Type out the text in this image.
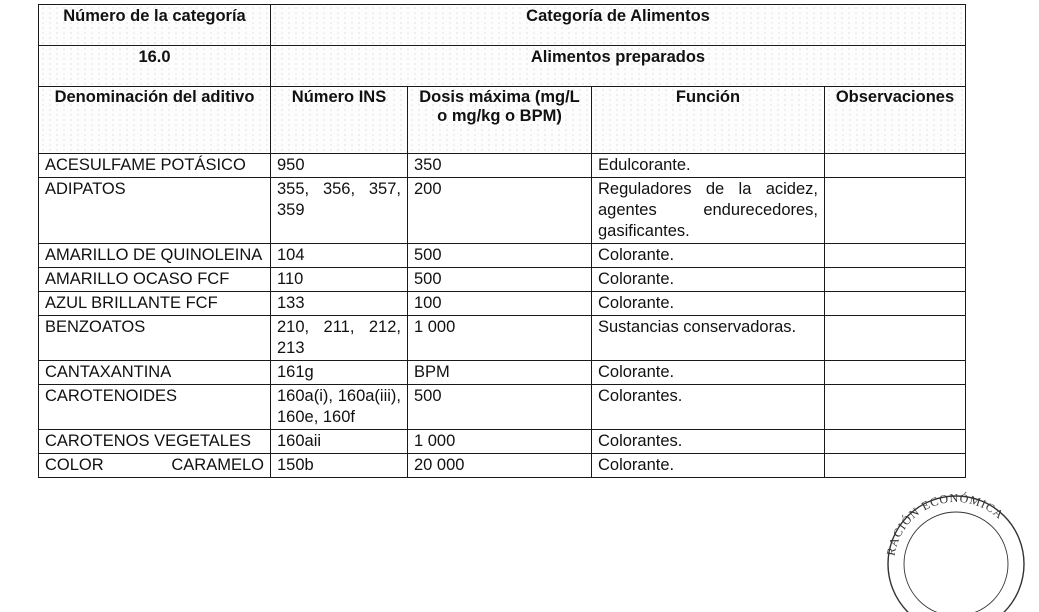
Número de la categoría	Categoría de Alimentos			
16.0	Alimentos preparados			
Denominación del aditivo	Número INS	Dosis máxima (mg/L o mg/kg o BPM)	Función	Observaciones
ACESULFAME POTÁSICO	950	350	Edulcorante.	
ADIPATOS	355, 356, 357, 359	200	Reguladores de la acidez, agentes endurecedores, gasificantes.	
AMARILLO DE QUINOLEINA	104	500	Colorante.	
AMARILLO OCASO FCF	110	500	Colorante.	
AZUL BRILLANTE FCF	133	100	Colorante.	
BENZOATOS	210, 211, 212, 213	1 000	Sustancias conservadoras.	
CANTAXANTINA	161g	BPM	Colorante.	
CAROTENOIDES	160a(i), 160a(iii), 160e, 160f	500	Colorantes.	
CAROTENOS VEGETALES	160aii	1 000	Colorantes.	
COLOR CARAMELO	150b	20 000	Colorante.	
RACIÓN ECONÓMICA
